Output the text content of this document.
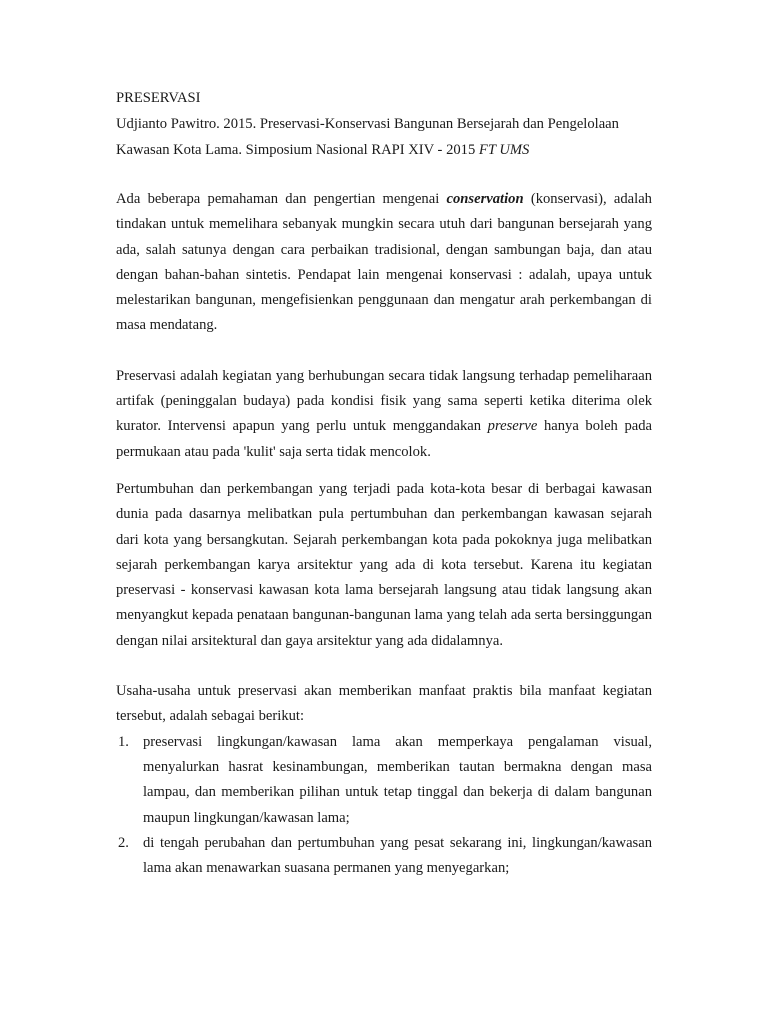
PRESERVASI

Udjianto Pawitro. 2015. Preservasi-Konservasi Bangunan Bersejarah dan Pengelolaan

Kawasan Kota Lama. Simposium Nasional RAPI XIV - 2015 FT UMS

Ada beberapa pemahaman dan pengertian mengenai conservation (konservasi), adalah tindakan untuk memelihara sebanyak mungkin secara utuh dari bangunan bersejarah yang ada, salah satunya dengan cara perbaikan tradisional, dengan sambungan baja, dan atau dengan bahan-bahan sintetis. Pendapat lain mengenai konservasi : adalah, upaya untuk melestarikan bangunan, mengefisienkan penggunaan dan mengatur arah perkembangan di masa mendatang.

Preservasi adalah kegiatan yang berhubungan secara tidak langsung terhadap pemeliharaan artifak (peninggalan budaya) pada kondisi fisik yang sama seperti ketika diterima olek kurator. Intervensi apapun yang perlu untuk menggandakan preserve hanya boleh pada permukaan atau pada 'kulit' saja serta tidak mencolok.

Pertumbuhan dan perkembangan yang terjadi pada kota-kota besar di berbagai kawasan dunia pada dasarnya melibatkan pula pertumbuhan dan perkembangan kawasan sejarah dari kota yang bersangkutan. Sejarah perkembangan kota pada pokoknya juga melibatkan sejarah perkembangan karya arsitektur yang ada di kota tersebut. Karena itu kegiatan preservasi - konservasi kawasan kota lama bersejarah langsung atau tidak langsung akan menyangkut kepada penataan bangunan-bangunan lama yang telah ada serta bersinggungan dengan nilai arsitektural dan gaya arsitektur yang ada didalamnya.

Usaha-usaha untuk preservasi akan memberikan manfaat praktis bila manfaat kegiatan tersebut, adalah sebagai berikut:

1. preservasi lingkungan/kawasan lama akan memperkaya pengalaman visual, menyalurkan hasrat kesinambungan, memberikan tautan bermakna dengan masa lampau, dan memberikan pilihan untuk tetap tinggal dan bekerja di dalam bangunan maupun lingkungan/kawasan lama;
2. di tengah perubahan dan pertumbuhan yang pesat sekarang ini, lingkungan/kawasan lama akan menawarkan suasana permanen yang menyegarkan;
